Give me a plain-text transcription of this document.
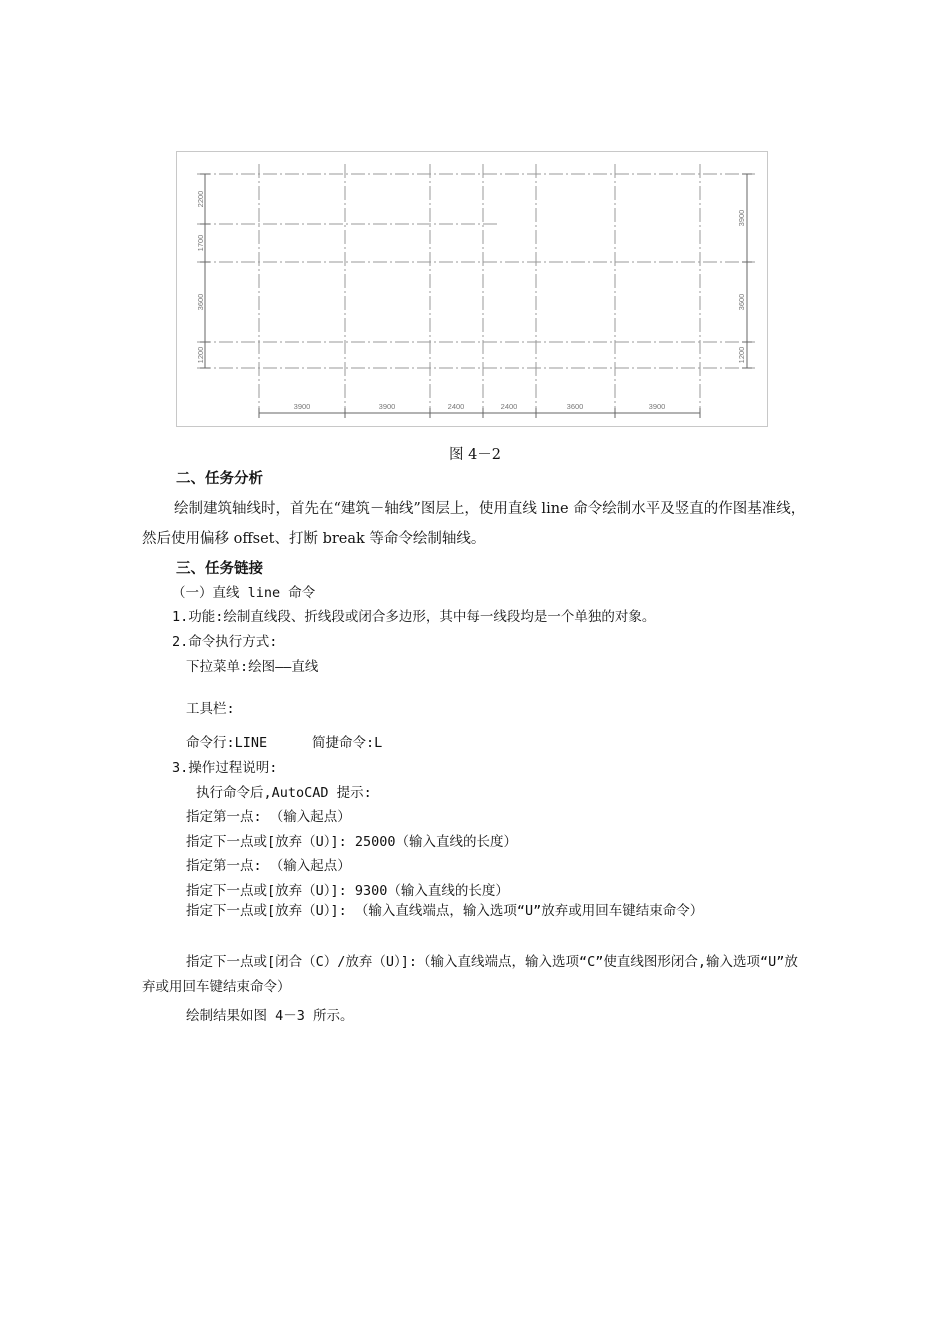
3900	3900	2400	2400	3600	3900
2200
1700
3600
1200
3900
3600
1200
图 4－2
二、任务分析
绘制建筑轴线时，首先在“建筑－轴线”图层上，使用直线 line 命令绘制水平及竖直的作图基准线，然后使用偏移 offset、打断 break 等命令绘制轴线。
三、任务链接
（一）直线 line 命令
1.功能:绘制直线段、折线段或闭合多边形，其中每一线段均是一个单独的对象。
2.命令执行方式:
下拉菜单:绘图——直线
工具栏:
命令行:LINE	简捷命令:L
3.操作过程说明:
执行命令后,AutoCAD 提示:
指定第一点: （输入起点）
指定下一点或[放弃（U）]: 25000（输入直线的长度）
指定第一点: （输入起点）
指定下一点或[放弃（U）]: 9300（输入直线的长度）
指定下一点或[放弃（U）]: （输入直线端点，输入选项“U”放弃或用回车键结束命令）
指定下一点或[闭合（C）/放弃（U）]:（输入直线端点，输入选项“C”使直线图形闭合,输入选项“U”放弃或用回车键结束命令）
绘制结果如图 4－3 所示。
